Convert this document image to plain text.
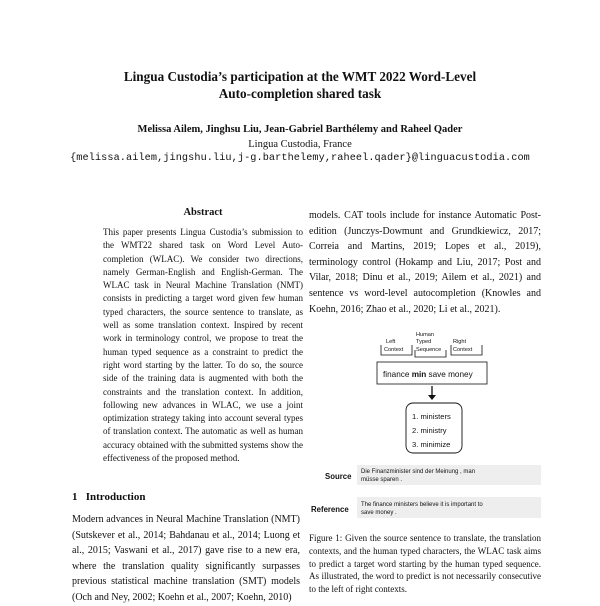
Lingua Custodia’s participation at the WMT 2022 Word-Level
Auto-completion shared task
Melissa Ailem, Jinghsu Liu, Jean-Gabriel Barthélemy and Raheel Qader
Lingua Custodia, France
{melissa.ailem,jingshu.liu,j-g.barthelemy,raheel.qader}@linguacustodia.com
Abstract
This paper presents Lingua Custodia’s submission to the WMT22 shared task on Word Level Auto-completion (WLAC). We consider two directions, namely German-English and English-German. The WLAC task in Neural Machine Translation (NMT) consists in predicting a target word given few human typed characters, the source sentence to translate, as well as some translation context. Inspired by recent work in terminology control, we propose to treat the human typed sequence as a constraint to predict the right word starting by the latter. To do so, the source side of the training data is augmented with both the constraints and the translation context. In addition, following new advances in WLAC, we use a joint optimization strategy taking into account several types of translation context. The automatic as well as human accuracy obtained with the submitted systems show the effectiveness of the proposed method.
1 Introduction
Modern advances in Neural Machine Translation (NMT) (Sutskever et al., 2014; Bahdanau et al., 2014; Luong et al., 2015; Vaswani et al., 2017) gave rise to a new era, where the translation quality significantly surpasses previous statistical machine translation (SMT) models (Och and Ney, 2002; Koehn et al., 2007; Koehn, 2010)
models. CAT tools include for instance Automatic Post-edition (Junczys-Dowmunt and Grundkiewicz, 2017; Correia and Martins, 2019; Lopes et al., 2019), terminology control (Hokamp and Liu, 2017; Post and Vilar, 2018; Dinu et al., 2019; Ailem et al., 2021) and sentence vs word-level autocompletion (Knowles and Koehn, 2016; Zhao et al., 2020; Li et al., 2021).
Left
Context
Human
Typed
Sequence
Right
Context
finance min save money
1. ministers
2. ministry
3. minimize
Source Die Finanzminister sind der Meinung , man
müsse sparen .
Reference The finance ministers believe it is important to
save money .
Figure 1: Given the source sentence to translate, the translation contexts, and the human typed characters, the WLAC task aims to predict a target word starting by the human typed sequence. As illustrated, the word to predict is not necessarily consecutive to the left of right contexts.
